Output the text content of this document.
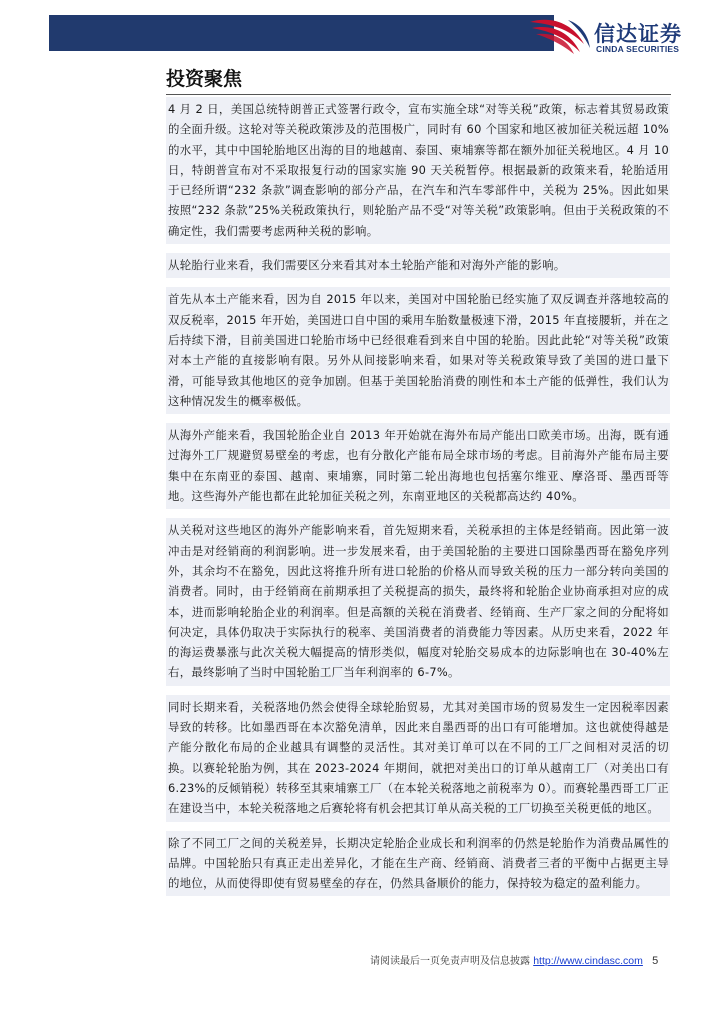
信达证券
CINDA SECURITIES
投资聚焦

4 月 2 日，美国总统特朗普正式签署行政令，宣布实施全球“对等关税”政策，标志着其贸易政策的全面升级。这轮对等关税政策涉及的范围极广，同时有 60 个国家和地区被加征关税远超 10%的水平，其中中国轮胎地区出海的目的地越南、泰国、柬埔寨等都在额外加征关税地区。4 月 10 日，特朗普宣布对不采取报复行动的国家实施 90 天关税暂停。根据最新的政策来看，轮胎适用于已经所谓“232 条款”调查影响的部分产品，在汽车和汽车零部件中，关税为 25%。因此如果按照“232 条款”25%关税政策执行，则轮胎产品不受“对等关税”政策影响。但由于关税政策的不确定性，我们需要考虑两种关税的影响。

从轮胎行业来看，我们需要区分来看其对本土轮胎产能和对海外产能的影响。

首先从本土产能来看，因为自 2015 年以来，美国对中国轮胎已经实施了双反调查并落地较高的双反税率，2015 年开始，美国进口自中国的乘用车胎数量极速下滑，2015 年直接腰斩，并在之后持续下滑，目前美国进口轮胎市场中已经很难看到来自中国的轮胎。因此此轮“对等关税”政策对本土产能的直接影响有限。另外从间接影响来看，如果对等关税政策导致了美国的进口量下滑，可能导致其他地区的竞争加剧。但基于美国轮胎消费的刚性和本土产能的低弹性，我们认为这种情况发生的概率极低。

从海外产能来看，我国轮胎企业自 2013 年开始就在海外布局产能出口欧美市场。出海，既有通过海外工厂规避贸易壁垒的考虑，也有分散化产能布局全球市场的考虑。目前海外产能布局主要集中在东南亚的泰国、越南、柬埔寨，同时第二轮出海地也包括塞尔维亚、摩洛哥、墨西哥等地。这些海外产能也都在此轮加征关税之列，东南亚地区的关税都高达约 40%。

从关税对这些地区的海外产能影响来看，首先短期来看，关税承担的主体是经销商。因此第一波冲击是对经销商的利润影响。进一步发展来看，由于美国轮胎的主要进口国除墨西哥在豁免序列外，其余均不在豁免，因此这将推升所有进口轮胎的价格从而导致关税的压力一部分转向美国的消费者。同时，由于经销商在前期承担了关税提高的损失，最终将和轮胎企业协商承担对应的成本，进而影响轮胎企业的利润率。但是高额的关税在消费者、经销商、生产厂家之间的分配将如何决定，具体仍取决于实际执行的税率、美国消费者的消费能力等因素。从历史来看，2022 年的海运费暴涨与此次关税大幅提高的情形类似，幅度对轮胎交易成本的边际影响也在 30-40%左右，最终影响了当时中国轮胎工厂当年利润率的 6-7%。

同时长期来看，关税落地仍然会使得全球轮胎贸易，尤其对美国市场的贸易发生一定因税率因素导致的转移。比如墨西哥在本次豁免清单，因此来自墨西哥的出口有可能增加。这也就使得越是产能分散化布局的企业越具有调整的灵活性。其对美订单可以在不同的工厂之间相对灵活的切换。以赛轮轮胎为例，其在 2023-2024 年期间，就把对美出口的订单从越南工厂（对美出口有 6.23%的反倾销税）转移至其柬埔寨工厂（在本轮关税落地之前税率为 0）。而赛轮墨西哥工厂正在建设当中，本轮关税落地之后赛轮将有机会把其订单从高关税的工厂切换至关税更低的地区。

除了不同工厂之间的关税差异，长期决定轮胎企业成长和利润率的仍然是轮胎作为消费品属性的品牌。中国轮胎只有真正走出差异化，才能在生产商、经销商、消费者三者的平衡中占据更主导的地位，从而使得即使有贸易壁垒的存在，仍然具备顺价的能力，保持较为稳定的盈利能力。

请阅读最后一页免责声明及信息披露 http://www.cindasc.com 5
